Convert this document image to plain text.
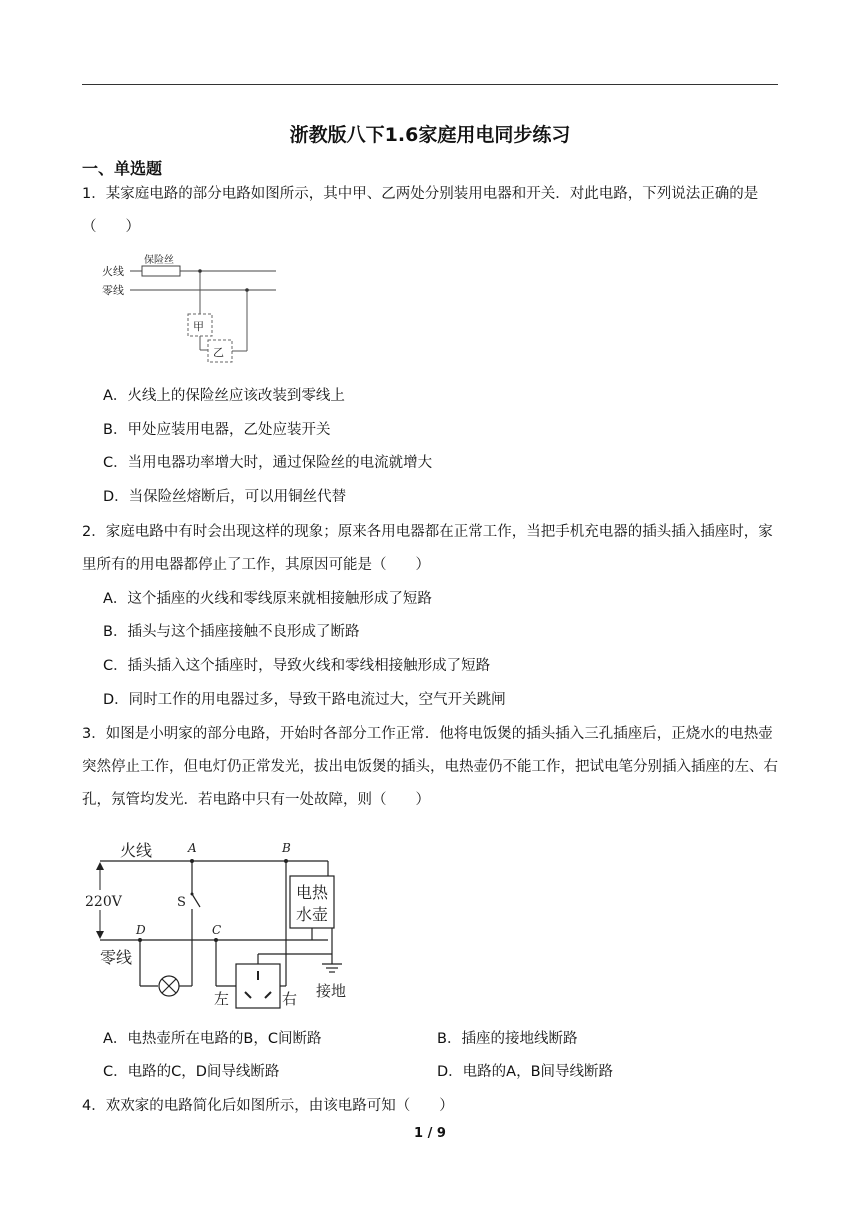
浙教版八下1.6家庭用电同步练习
一、单选题
1．某家庭电路的部分电路如图所示，其中甲、乙两处分别装用电器和开关．对此电路，下列说法正确的是（　　）
火线
零线
保险丝
甲
乙
A．火线上的保险丝应该改装到零线上
B．甲处应装用电器，乙处应装开关
C．当用电器功率增大时，通过保险丝的电流就增大
D．当保险丝熔断后，可以用铜丝代替
2．家庭电路中有时会出现这样的现象；原来各用电器都在正常工作，当把手机充电器的插头插入插座时，家里所有的用电器都停止了工作，其原因可能是（　　）
A．这个插座的火线和零线原来就相接触形成了短路
B．插头与这个插座接触不良形成了断路
C．插头插入这个插座时，导致火线和零线相接触形成了短路
D．同时工作的用电器过多，导致干路电流过大，空气开关跳闸
3．如图是小明家的部分电路，开始时各部分工作正常．他将电饭煲的插头插入三孔插座后，正烧水的电热壶突然停止工作，但电灯仍正常发光，拔出电饭煲的插头，电热壶仍不能工作，把试电笔分别插入插座的左、右孔，氖管均发光．若电路中只有一处故障，则（　　）
火线
零线
220V
A	B
D	C
S
电热
水壶
左	右 接地
A．电热壶所在电路的B，C间断路	B．插座的接地线断路
C．电路的C，D间导线断路	D．电路的A，B间导线断路
4．欢欢家的电路简化后如图所示，由该电路可知（　　）
1 / 9
